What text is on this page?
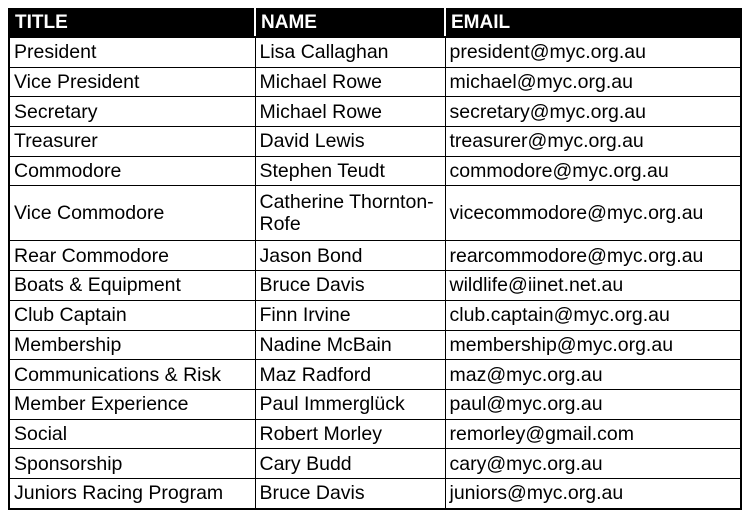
TITLE	NAME	EMAIL
President	Lisa Callaghan	president@myc.org.au
Vice President	Michael Rowe	michael@myc.org.au
Secretary	Michael Rowe	secretary@myc.org.au
Treasurer	David Lewis	treasurer@myc.org.au
Commodore	Stephen Teudt	commodore@myc.org.au
Vice Commodore	Catherine Thornton-Rofe	vicecommodore@myc.org.au
Rear Commodore	Jason Bond	rearcommodore@myc.org.au
Boats & Equipment	Bruce Davis	wildlife@iinet.net.au
Club Captain	Finn Irvine	club.captain@myc.org.au
Membership	Nadine McBain	membership@myc.org.au
Communications & Risk	Maz Radford	maz@myc.org.au
Member Experience	Paul Immerglück	paul@myc.org.au
Social	Robert Morley	remorley@gmail.com
Sponsorship	Cary Budd	cary@myc.org.au
Juniors Racing Program	Bruce Davis	juniors@myc.org.au
